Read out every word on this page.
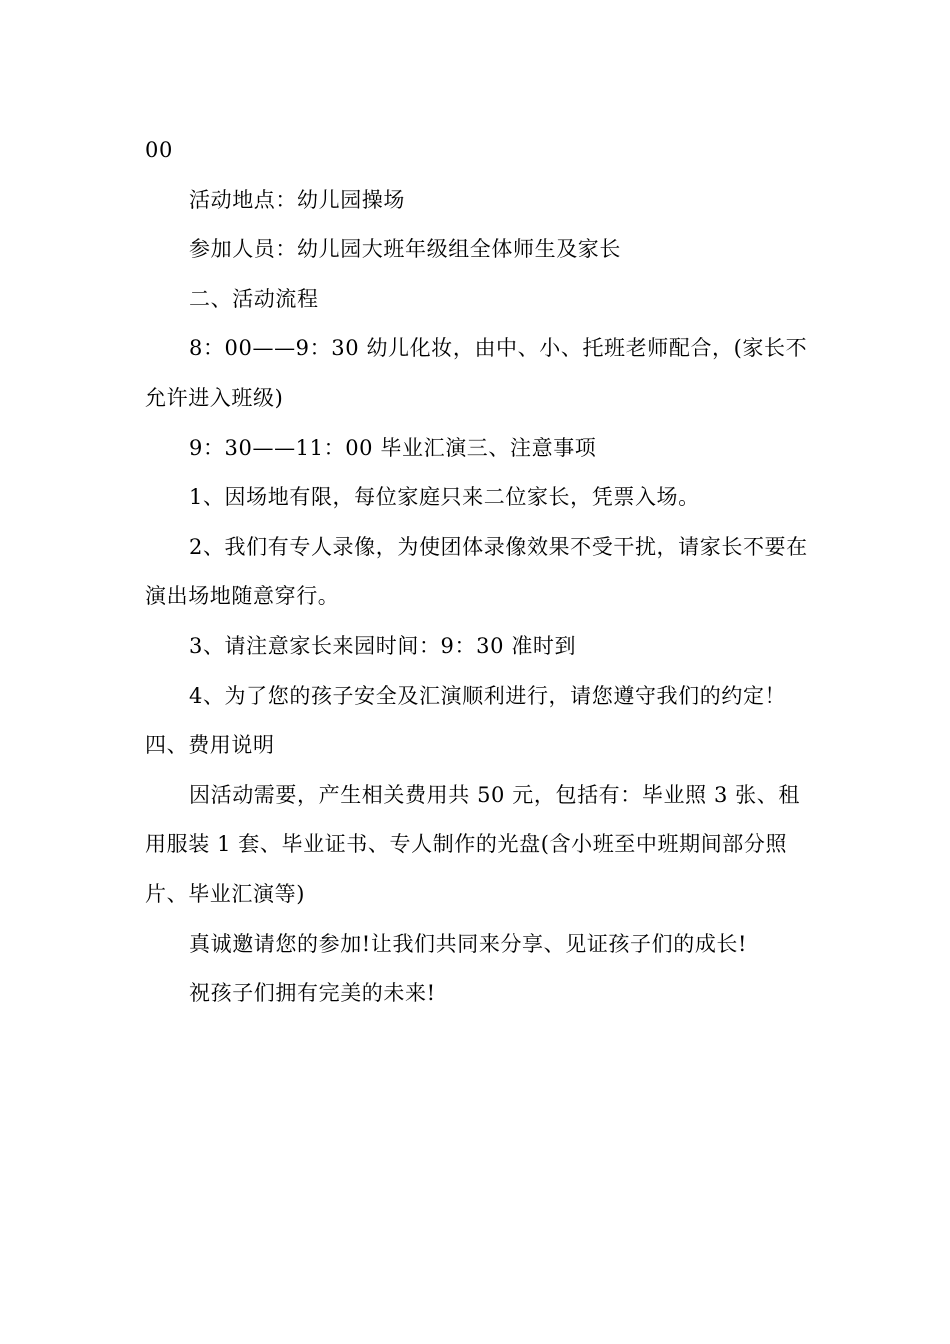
00

活动地点：幼儿园操场

参加人员：幼儿园大班年级组全体师生及家长

二、活动流程

8：00——9：30 幼儿化妆，由中、小、托班老师配合，(家长不允许进入班级)

9：30——11：00 毕业汇演三、注意事项

1、因场地有限，每位家庭只来二位家长，凭票入场。

2、我们有专人录像，为使团体录像效果不受干扰，请家长不要在演出场地随意穿行。

3、请注意家长来园时间：9：30 准时到

4、为了您的孩子安全及汇演顺利进行，请您遵守我们的约定！四、费用说明

因活动需要，产生相关费用共 50 元，包括有：毕业照 3 张、租用服装 1 套、毕业证书、专人制作的光盘(含小班至中班期间部分照片、毕业汇演等)

真诚邀请您的参加!让我们共同来分享、见证孩子们的成长!

祝孩子们拥有完美的未来!
